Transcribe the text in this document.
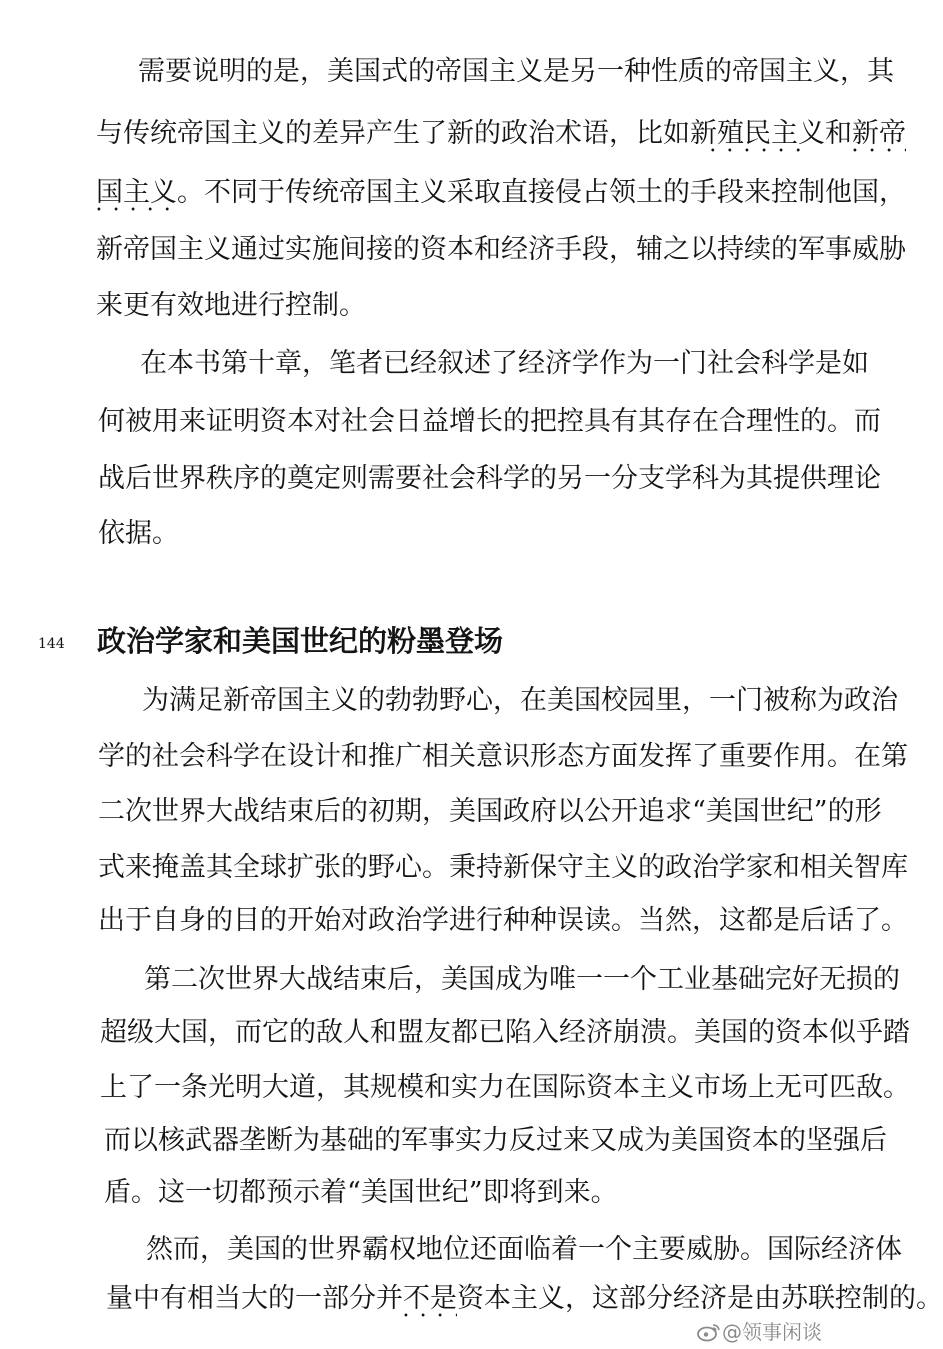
需要说明的是，美国式的帝国主义是另一种性质的帝国主义，其

与传统帝国主义的差异产生了新的政治术语，比如新殖民主义 • • •和新帝 • • •

国主义 • • •。不同于传统帝国主义采取直接侵占领土的手段来控制他国，

新帝国主义通过实施间接的资本和经济手段，辅之以持续的军事威胁

来更有效地进行控制。

在本书第十章，笔者已经叙述了经济学作为一门社会科学是如

何被用来证明资本对社会日益增长的把控具有其存在合理性的。而

战后世界秩序的奠定则需要社会科学的另一分支学科为其提供理论

依据。

144 政治学家和美国世纪的粉墨登场

为满足新帝国主义的勃勃野心，在美国校园里，一门被称为政治

学的社会科学在设计和推广相关意识形态方面发挥了重要作用。在第

二次世界大战结束后的初期，美国政府以公开追求“美国世纪”的形

式来掩盖其全球扩张的野心。秉持新保守主义的政治学家和相关智库

出于自身的目的开始对政治学进行种种误读。当然，这都是后话了。

第二次世界大战结束后，美国成为唯一一个工业基础完好无损的

超级大国，而它的敌人和盟友都已陷入经济崩溃。美国的资本似乎踏

上了一条光明大道，其规模和实力在国际资本主义市场上无可匹敌。

而以核武器垄断为基础的军事实力反过来又成为美国资本的坚强后

盾。这一切都预示着“美国世纪”即将到来。

然而，美国的世界霸权地位还面临着一个主要威胁。国际经济体

量中有相当大的一部分并不是 • • •资本主义，这部分经济是由苏联控制的。

@领事闲谈
